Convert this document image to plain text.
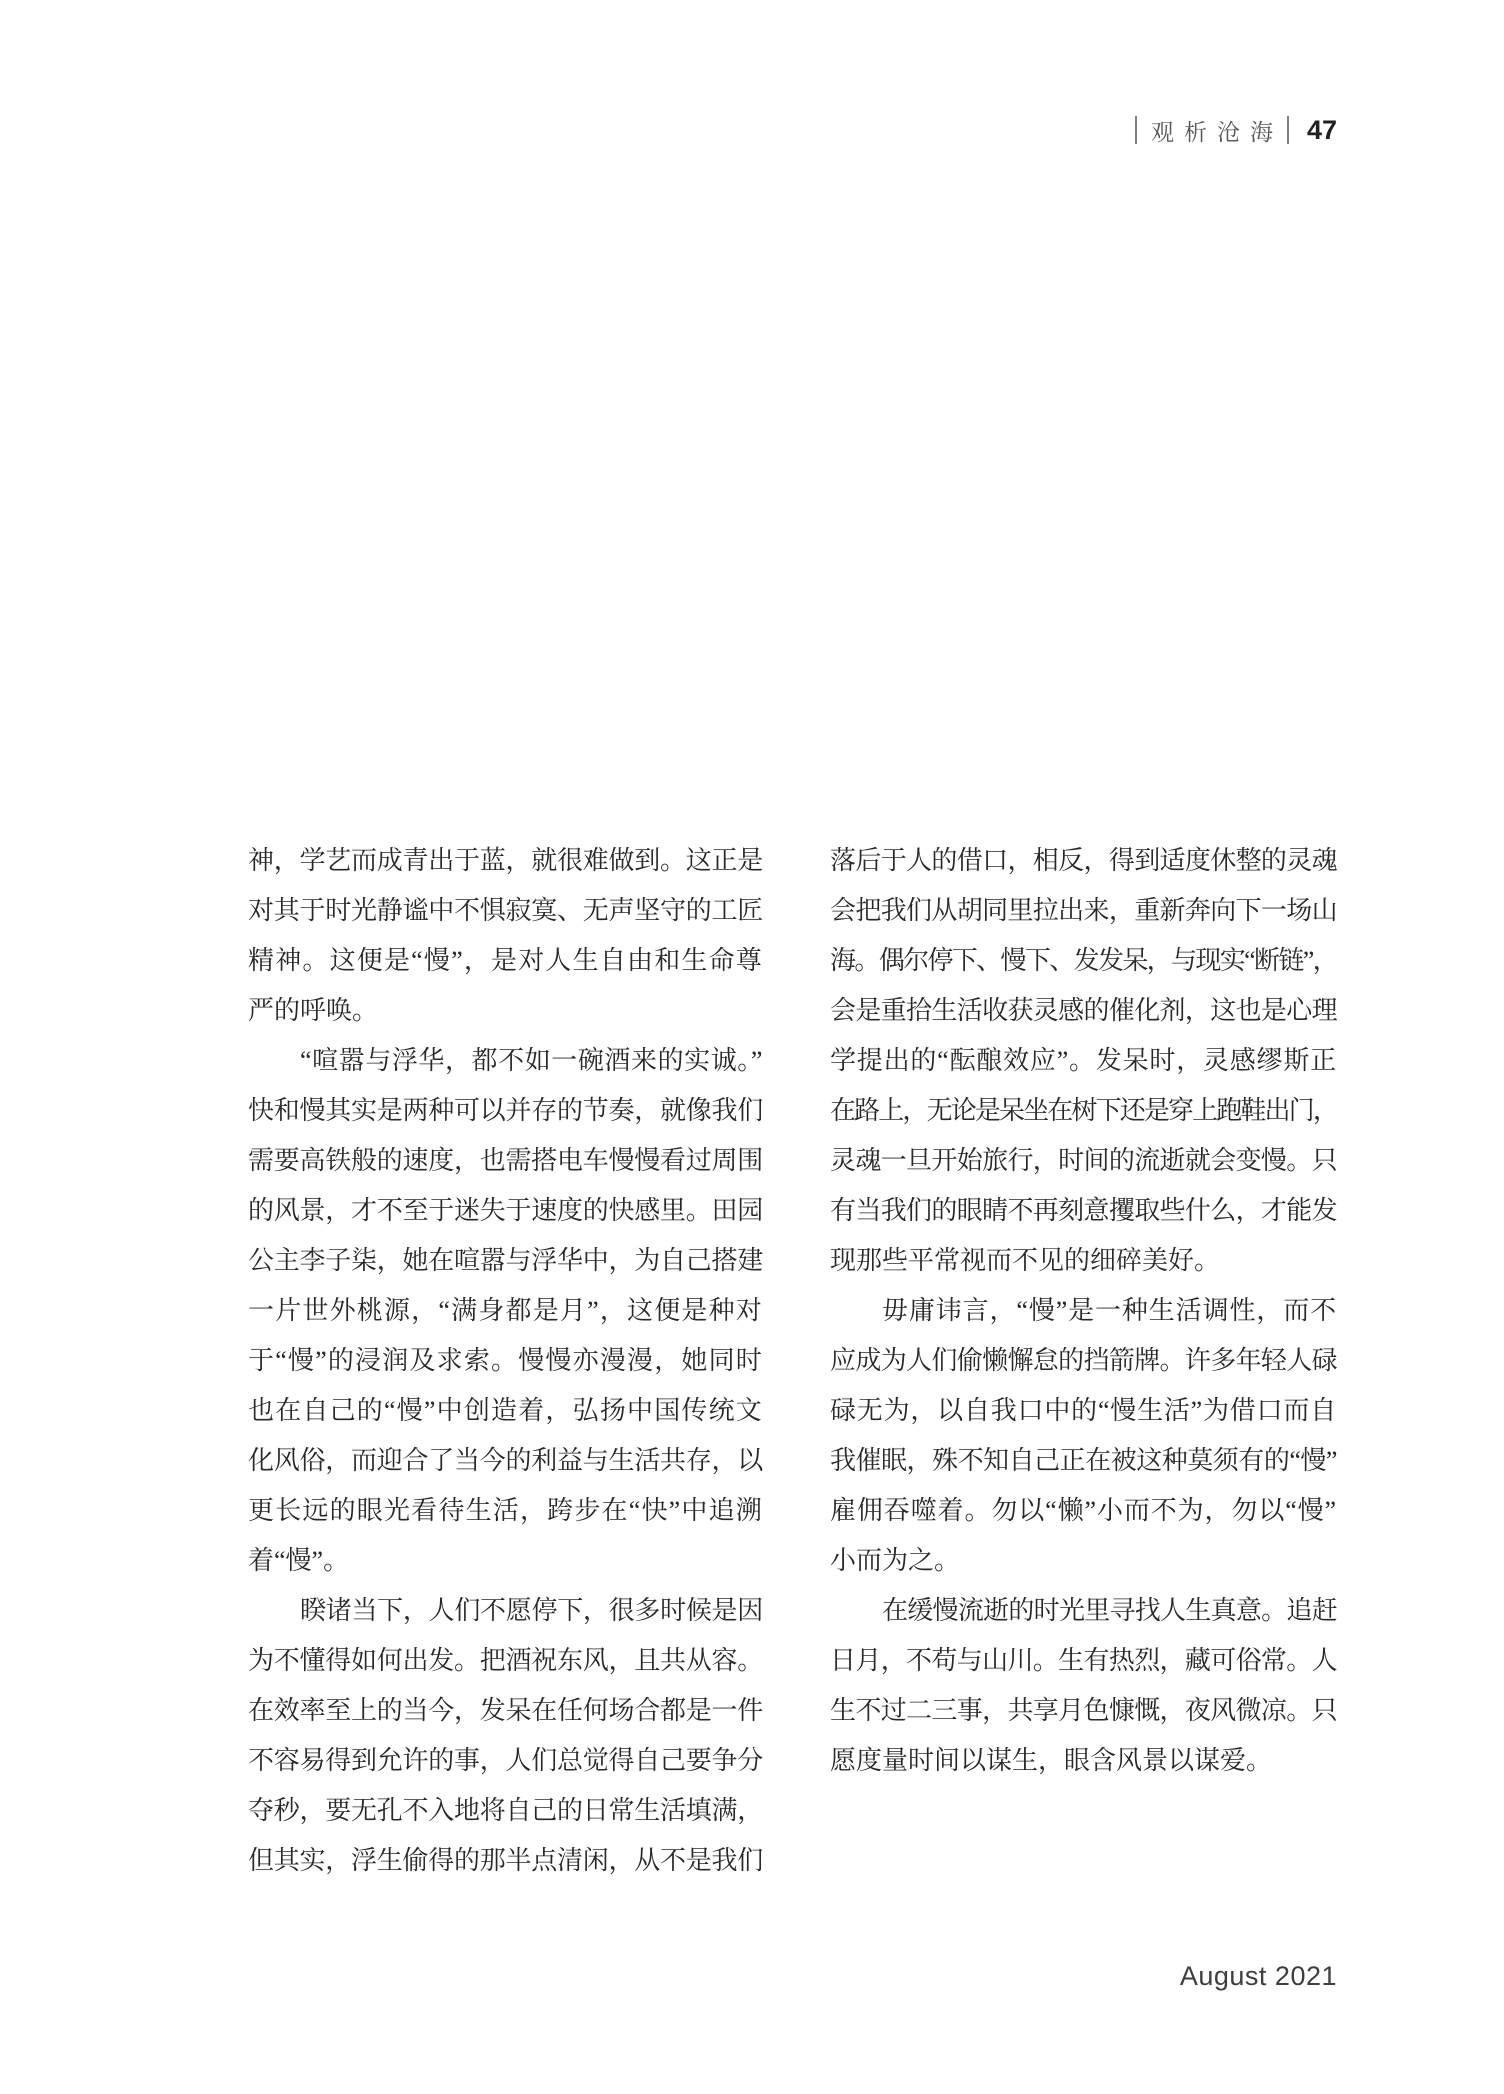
观析沧海 47
神，学艺而成青出于蓝，就很难做到。这正是
对其于时光静谧中不惧寂寞、无声坚守的工匠
精神。这便是“慢”，是对人生自由和生命尊
严的呼唤。
“喧嚣与浮华，都不如一碗酒来的实诚。”
快和慢其实是两种可以并存的节奏，就像我们
需要高铁般的速度，也需搭电车慢慢看过周围
的风景，才不至于迷失于速度的快感里。田园
公主李子柒，她在喧嚣与浮华中，为自己搭建
一片世外桃源，“满身都是月”，这便是种对
于“慢”的浸润及求索。慢慢亦漫漫，她同时
也在自己的“慢”中创造着，弘扬中国传统文
化风俗，而迎合了当今的利益与生活共存，以
更长远的眼光看待生活，跨步在“快”中追溯
着“慢”。
睽诸当下，人们不愿停下，很多时候是因
为不懂得如何出发。把酒祝东风，且共从容。
在效率至上的当今，发呆在任何场合都是一件
不容易得到允许的事，人们总觉得自己要争分
夺秒，要无孔不入地将自己的日常生活填满，
但其实，浮生偷得的那半点清闲，从不是我们
落后于人的借口，相反，得到适度休整的灵魂
会把我们从胡同里拉出来，重新奔向下一场山
海。偶尔停下、慢下、发发呆，与现实“断链”，
会是重拾生活收获灵感的催化剂，这也是心理
学提出的“酝酿效应”。发呆时，灵感缪斯正
在路上，无论是呆坐在树下还是穿上跑鞋出门，
灵魂一旦开始旅行，时间的流逝就会变慢。只
有当我们的眼睛不再刻意攫取些什么，才能发
现那些平常视而不见的细碎美好。
毋庸讳言，“慢”是一种生活调性，而不
应成为人们偷懒懈怠的挡箭牌。许多年轻人碌
碌无为，以自我口中的“慢生活”为借口而自
我催眠，殊不知自己正在被这种莫须有的“慢”
雇佣吞噬着。勿以“懒”小而不为，勿以“慢”
小而为之。
在缓慢流逝的时光里寻找人生真意。追赶
日月，不苟与山川。生有热烈，藏可俗常。人
生不过二三事，共享月色慷慨，夜风微凉。只
愿度量时间以谋生，眼含风景以谋爱。
August 2021
